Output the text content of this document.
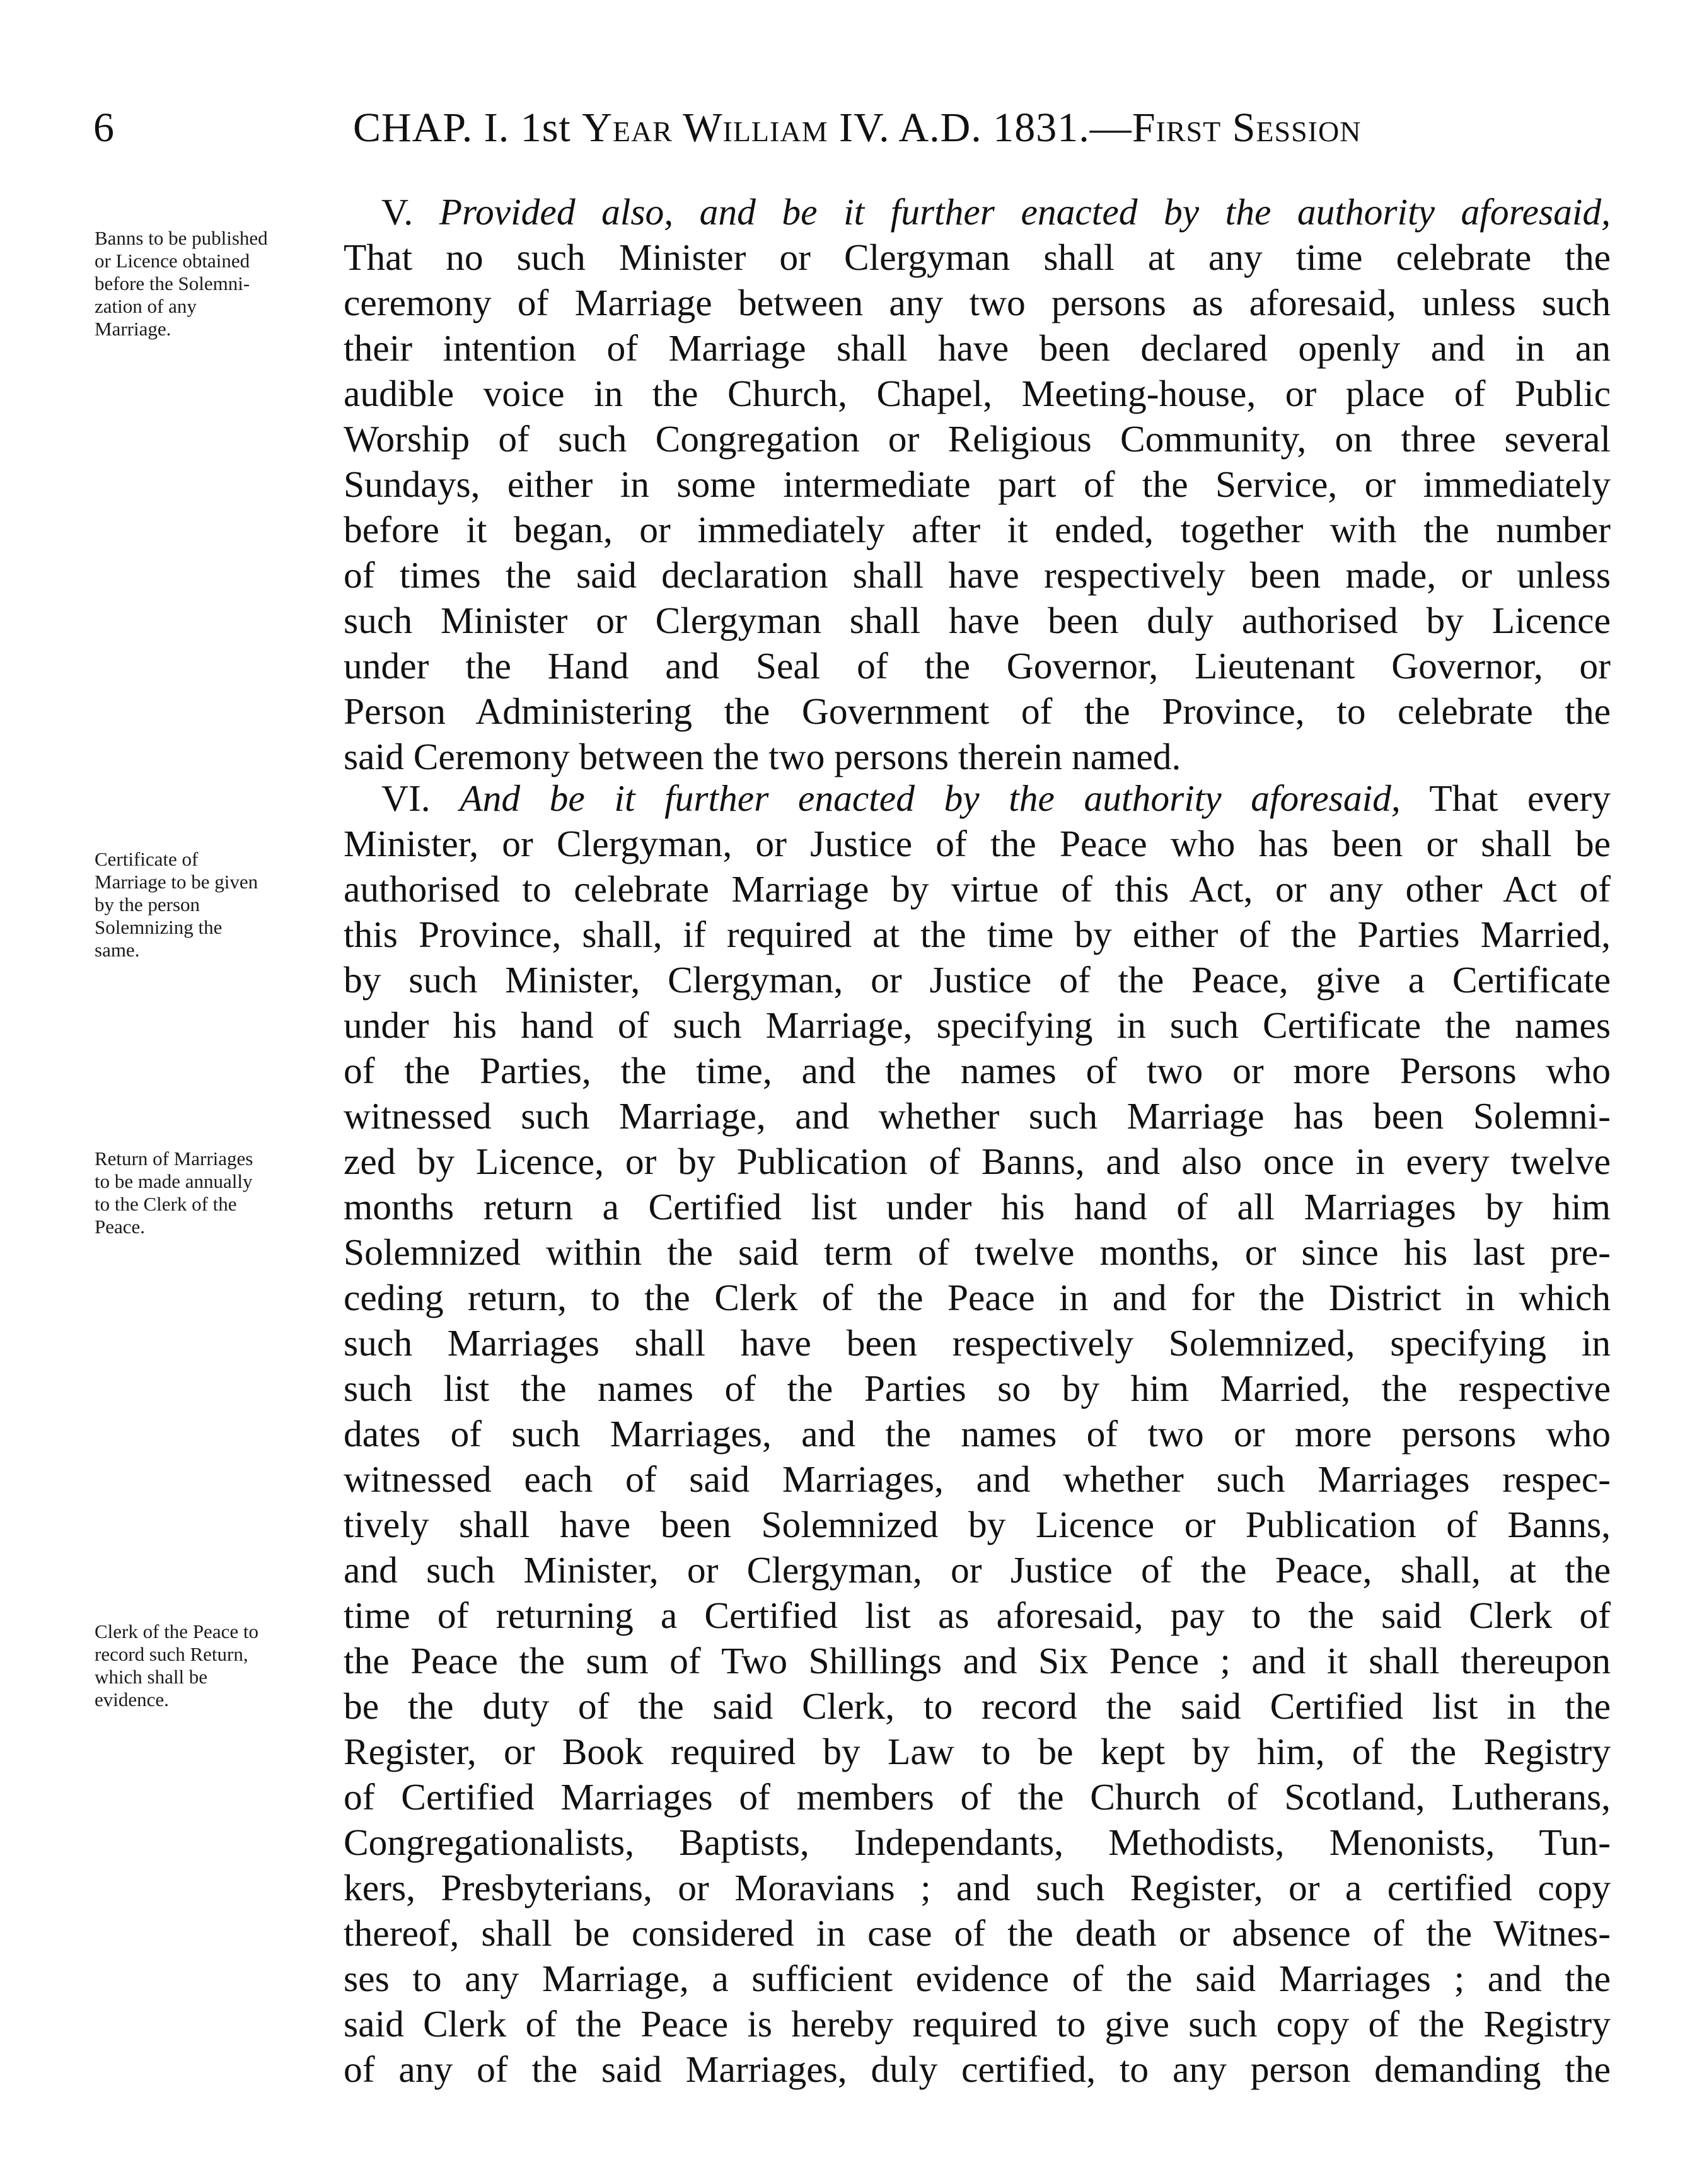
6	CHAP. I. 1st Year William IV. A.D. 1831.—First Session
Banns to be published
or Licence obtained
before the Solemni-
zation of any
Marriage.
Certificate of
Marriage to be given
by the person
Solemnizing the
same.
Return of Marriages
to be made annually
to the Clerk of the
Peace.
Clerk of the Peace to
record such Return,
which shall be
evidence.
V. Provided also, and be it further enacted by the authority aforesaid,
That no such Minister or Clergyman shall at any time celebrate the
ceremony of Marriage between any two persons as aforesaid, unless such
their intention of Marriage shall have been declared openly and in an
audible voice in the Church, Chapel, Meeting-house, or place of Public
Worship of such Congregation or Religious Community, on three several
Sundays, either in some intermediate part of the Service, or immediately
before it began, or immediately after it ended, together with the number
of times the said declaration shall have respectively been made, or unless
such Minister or Clergyman shall have been duly authorised by Licence
under the Hand and Seal of the Governor, Lieutenant Governor, or
Person Administering the Government of the Province, to celebrate the
said Ceremony between the two persons therein named.
VI. And be it further enacted by the authority aforesaid, That every
Minister, or Clergyman, or Justice of the Peace who has been or shall be
authorised to celebrate Marriage by virtue of this Act, or any other Act of
this Province, shall, if required at the time by either of the Parties Married,
by such Minister, Clergyman, or Justice of the Peace, give a Certificate
under his hand of such Marriage, specifying in such Certificate the names
of the Parties, the time, and the names of two or more Persons who
witnessed such Marriage, and whether such Marriage has been Solemni-
zed by Licence, or by Publication of Banns, and also once in every twelve
months return a Certified list under his hand of all Marriages by him
Solemnized within the said term of twelve months, or since his last pre-
ceding return, to the Clerk of the Peace in and for the District in which
such Marriages shall have been respectively Solemnized, specifying in
such list the names of the Parties so by him Married, the respective
dates of such Marriages, and the names of two or more persons who
witnessed each of said Marriages, and whether such Marriages respec-
tively shall have been Solemnized by Licence or Publication of Banns,
and such Minister, or Clergyman, or Justice of the Peace, shall, at the
time of returning a Certified list as aforesaid, pay to the said Clerk of
the Peace the sum of Two Shillings and Six Pence ; and it shall thereupon
be the duty of the said Clerk, to record the said Certified list in the
Register, or Book required by Law to be kept by him, of the Registry
of Certified Marriages of members of the Church of Scotland, Lutherans,
Congregationalists, Baptists, Independants, Methodists, Menonists, Tun-
kers, Presbyterians, or Moravians ; and such Register, or a certified copy
thereof, shall be considered in case of the death or absence of the Witnes-
ses to any Marriage, a sufficient evidence of the said Marriages ; and the
said Clerk of the Peace is hereby required to give such copy of the Registry
of any of the said Marriages, duly certified, to any person demanding the
